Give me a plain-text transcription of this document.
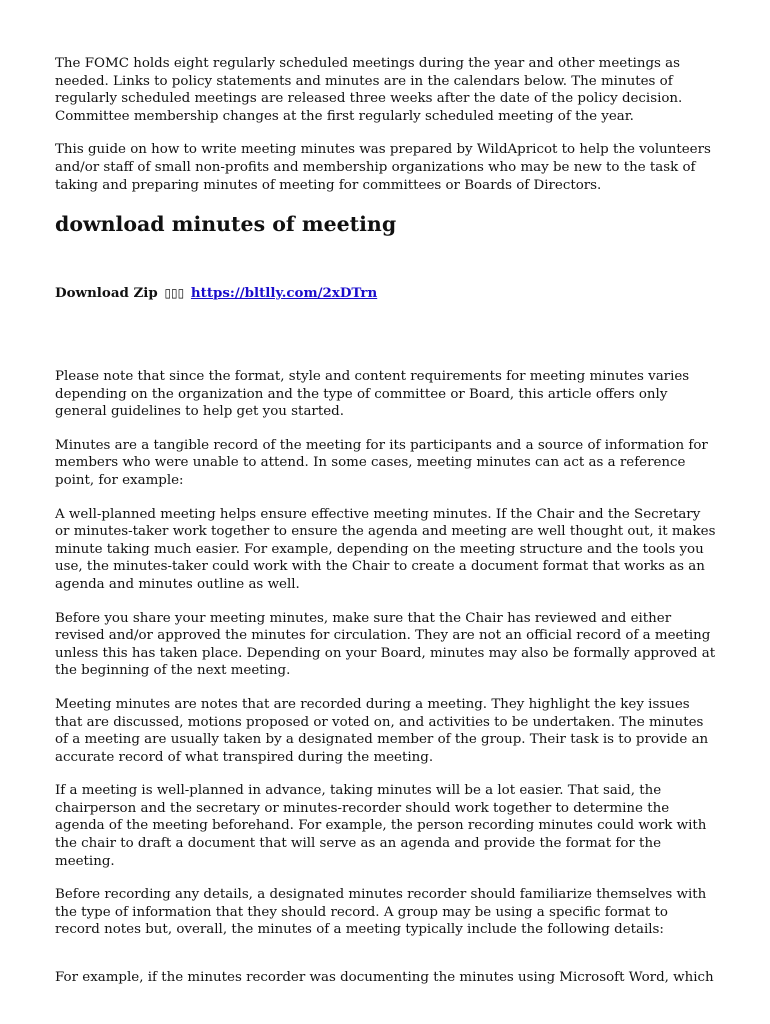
The FOMC holds eight regularly scheduled meetings during the year and other meetings as needed. Links to policy statements and minutes are in the calendars below. The minutes of regularly scheduled meetings are released three weeks after the date of the policy decision. Committee membership changes at the first regularly scheduled meeting of the year.

This guide on how to write meeting minutes was prepared by WildApricot to help the volunteers and/or staff of small non-profits and membership organizations who may be new to the task of taking and preparing minutes of meeting for committees or Boards of Directors.

download minutes of meeting
Download Zip ▯▯▯ https://bltlly.com/2xDTrn

Please note that since the format, style and content requirements for meeting minutes varies depending on the organization and the type of committee or Board, this article offers only general guidelines to help get you started.

Minutes are a tangible record of the meeting for its participants and a source of information for members who were unable to attend. In some cases, meeting minutes can act as a reference point, for example:

A well-planned meeting helps ensure effective meeting minutes. If the Chair and the Secretary or minutes-taker work together to ensure the agenda and meeting are well thought out, it makes minute taking much easier. For example, depending on the meeting structure and the tools you use, the minutes-taker could work with the Chair to create a document format that works as an agenda and minutes outline as well.

Before you share your meeting minutes, make sure that the Chair has reviewed and either revised and/or approved the minutes for circulation. They are not an official record of a meeting unless this has taken place. Depending on your Board, minutes may also be formally approved at the beginning of the next meeting.

Meeting minutes are notes that are recorded during a meeting. They highlight the key issues that are discussed, motions proposed or voted on, and activities to be undertaken. The minutes of a meeting are usually taken by a designated member of the group. Their task is to provide an accurate record of what transpired during the meeting.

If a meeting is well-planned in advance, taking minutes will be a lot easier. That said, the chairperson and the secretary or minutes-recorder should work together to determine the agenda of the meeting beforehand. For example, the person recording minutes could work with the chair to draft a document that will serve as an agenda and provide the format for the meeting.

Before recording any details, a designated minutes recorder should familiarize themselves with the type of information that they should record. A group may be using a specific format to record notes but, overall, the minutes of a meeting typically include the following details:

For example, if the minutes recorder was documenting the minutes using Microsoft Word, which
